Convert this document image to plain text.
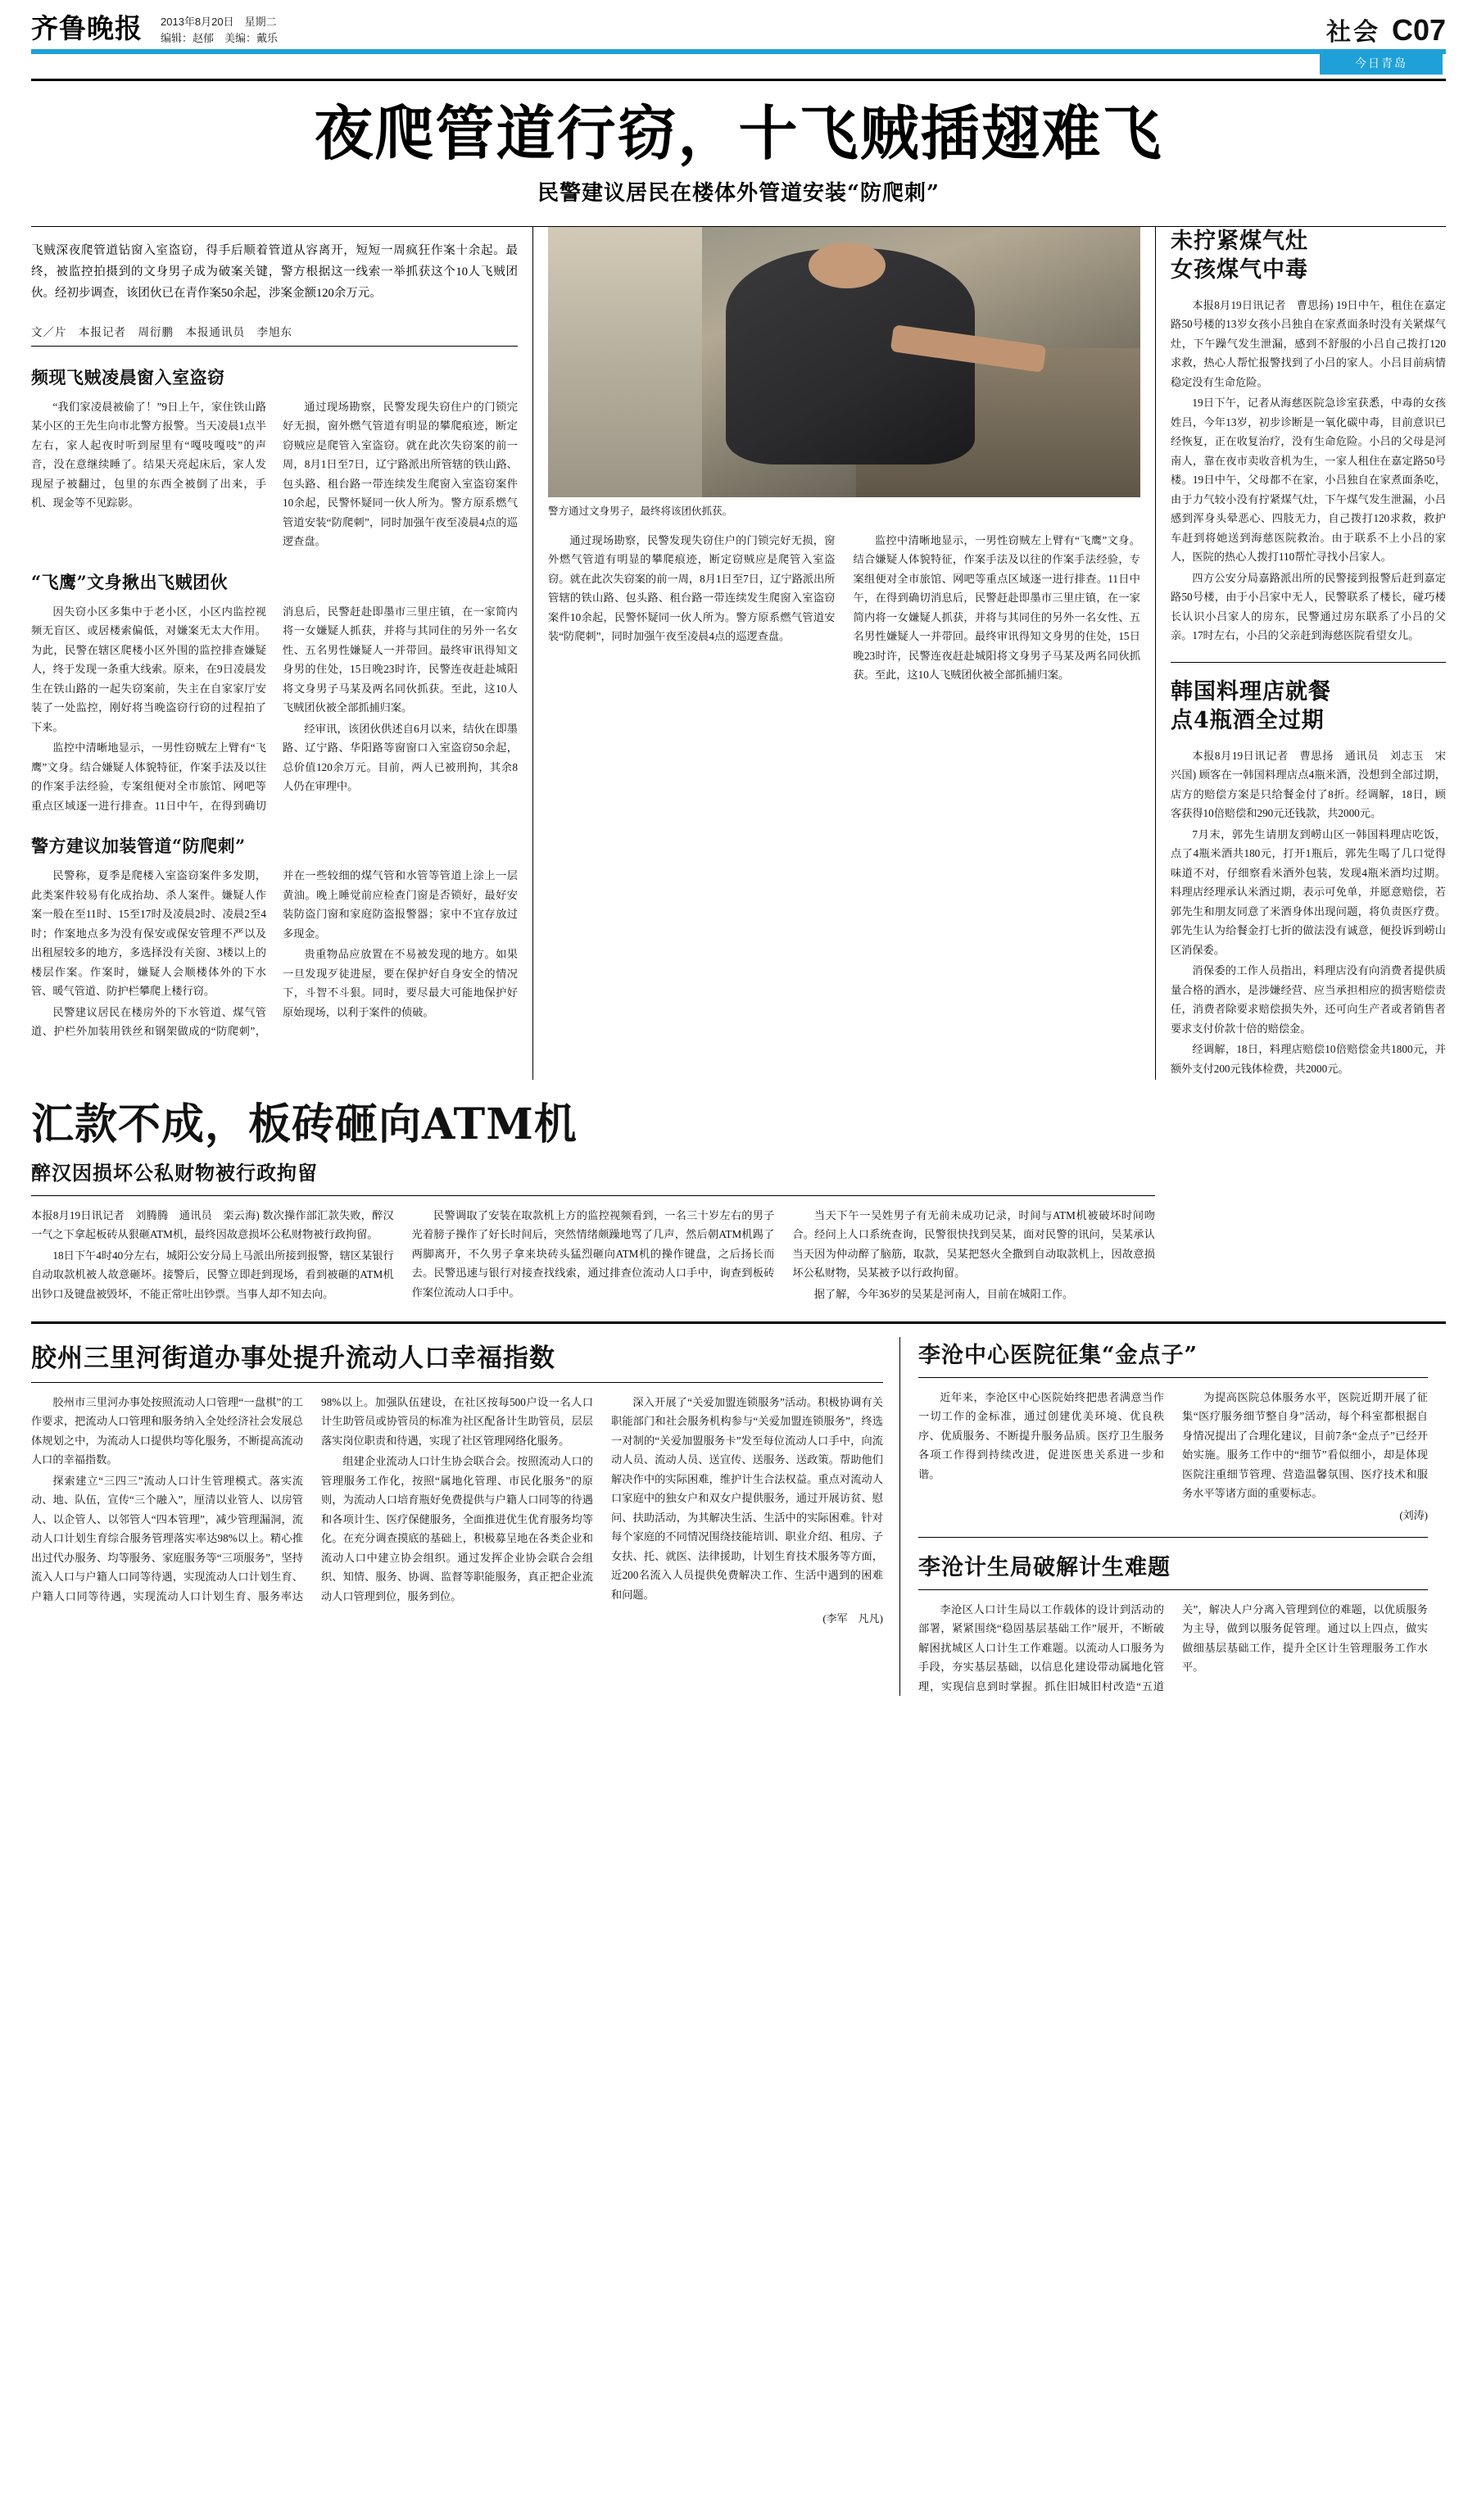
齐鲁晚报 2013年8月20日　星期二
编辑：赵郁　美编：戴乐	社会 C07
今日青岛
夜爬管道行窃，十飞贼插翅难飞
民警建议居民在楼体外管道安装“防爬刺”
飞贼深夜爬管道钻窗入室盗窃，得手后顺着管道从容离开，短短一周疯狂作案十余起。最终，被监控拍摄到的文身男子成为破案关键，警方根据这一线索一举抓获这个10人飞贼团伙。经初步调查，该团伙已在青作案50余起，涉案金额120余万元。
文／片　本报记者　周衍鹏　本报通讯员　李旭东
频现飞贼凌晨窗入室盗窃

“我们家凌晨被偷了！”9日上午，家住铁山路某小区的王先生向市北警方报警。当天凌晨1点半左右，家人起夜时听到屋里有“嘎吱嘎吱”的声音，没在意继续睡了。结果天亮起床后，家人发现屋子被翻过，包里的东西全被倒了出来，手机、现金等不见踪影。

通过现场勘察，民警发现失窃住户的门锁完好无损，窗外燃气管道有明显的攀爬痕迹，断定窃贼应是爬管入室盗窃。就在此次失窃案的前一周，8月1日至7日，辽宁路派出所管辖的铁山路、包头路、租台路一带连续发生爬窗入室盗窃案件10余起，民警怀疑同一伙人所为。警方原系燃气管道安装“防爬刺”，同时加强午夜至凌晨4点的巡逻查盘。

“飞鹰”文身揪出飞贼团伙

因失窃小区多集中于老小区，小区内监控视频无盲区、或居楼索偏低，对嫌案无太大作用。为此，民警在辖区爬楼小区外围的监控排查嫌疑人，终于发现一条重大线索。原来，在9日凌晨发生在铁山路的一起失窃案前，失主在自家家厅安装了一处监控，刚好将当晚盗窃行窃的过程拍了下来。

监控中清晰地显示，一男性窃贼左上臂有“飞鹰”文身。结合嫌疑人体貌特征，作案手法及以往的作案手法经验，专案组便对全市旅馆、网吧等重点区域逐一进行排查。11日中午，在得到确切消息后，民警赶赴即墨市三里庄镇，在一家简内将一女嫌疑人抓获，并将与其同住的另外一名女性、五名男性嫌疑人一并带回。最终审讯得知文身男的住处，15日晚23时许，民警连夜赶赴城阳将文身男子马某及两名同伙抓获。至此，这10人飞贼团伙被全部抓捕归案。

经审讯，该团伙供述自6月以来，结伙在即墨路、辽宁路、华阳路等窗窗口入室盗窃50余起，总价值120余万元。目前，两人已被刑拘，其余8人仍在审理中。

警方建议加装管道“防爬刺”

民警称，夏季是爬楼入室盗窃案件多发期，此类案件较易有化成抬劫、杀人案件。嫌疑人作案一般在至11时、15至17时及凌晨2时、凌晨2至4时；作案地点多为没有保安或保安管理不严以及出租屋较多的地方，多选择没有关窗、3楼以上的楼层作案。作案时，嫌疑人会顺楼体外的下水管、暖气管道、防护栏攀爬上楼行窃。

民警建议居民在楼房外的下水管道、煤气管道、护栏外加装用铁丝和钢架做成的“防爬刺”，并在一些较细的煤气管和水管等管道上涂上一层黄油。晚上睡觉前应检查门窗是否锁好，最好安装防盗门窗和家庭防盗报警器；家中不宜存放过多现金。

贵重物品应放置在不易被发现的地方。如果一旦发现歹徒进屋，要在保护好自身安全的情况下，斗智不斗狠。同时，要尽最大可能地保护好原始现场，以利于案件的侦破。

警方通过文身男子，最终将该团伙抓获。

通过现场勘察，民警发现失窃住户的门锁完好无损，窗外燃气管道有明显的攀爬痕迹，断定窃贼应是爬管入室盗窃。就在此次失窃案的前一周，8月1日至7日，辽宁路派出所管辖的铁山路、包头路、租台路一带连续发生爬窗入室盗窃案件10余起，民警怀疑同一伙人所为。警方原系燃气管道安装“防爬刺”，同时加强午夜至凌晨4点的巡逻查盘。

监控中清晰地显示，一男性窃贼左上臂有“飞鹰”文身。结合嫌疑人体貌特征，作案手法及以往的作案手法经验，专案组便对全市旅馆、网吧等重点区域逐一进行排查。11日中午，在得到确切消息后，民警赶赴即墨市三里庄镇，在一家简内将一女嫌疑人抓获，并将与其同住的另外一名女性、五名男性嫌疑人一并带回。最终审讯得知文身男的住处，15日晚23时许，民警连夜赶赴城阳将文身男子马某及两名同伙抓获。至此，这10人飞贼团伙被全部抓捕归案。

未拧紧煤气灶
女孩煤气中毒

本报8月19日讯记者　曹思扬) 19日中午，租住在嘉定路50号楼的13岁女孩小吕独自在家煮面条时没有关紧煤气灶，下午躁气发生泄漏，感到不舒服的小吕自己拨打120求救，热心人帮忙报警找到了小吕的家人。小吕目前病情稳定没有生命危险。

19日下午，记者从海慈医院急诊室获悉，中毒的女孩姓吕，今年13岁，初步诊断是一氧化碳中毒，目前意识已经恢复，正在收复治疗，没有生命危险。小吕的父母是河南人，靠在夜市卖收音机为生，一家人租住在嘉定路50号楼。19日中午，父母都不在家，小吕独自在家煮面条吃，由于力气较小没有拧紧煤气灶，下午煤气发生泄漏，小吕感到浑身头晕恶心、四肢无力，自己拨打120求救，救护车赶到将她送到海慈医院救治。由于联系不上小吕的家人，医院的热心人拨打110帮忙寻找小吕家人。

四方公安分局嘉路派出所的民警接到报警后赶到嘉定路50号楼，由于小吕家中无人，民警联系了楼长，碰巧楼长认识小吕家人的房东，民警通过房东联系了小吕的父亲。17时左右，小吕的父亲赶到海慈医院看望女儿。

韩国料理店就餐
点4瓶酒全过期

本报8月19日讯记者　曹思扬　通讯员　刘志玉　宋兴国) 顾客在一韩国料理店点4瓶米酒，没想到全部过期，店方的赔偿方案是只给餐金付了8折。经调解，18日，顾客获得10倍赔偿和290元还钱款，共2000元。

7月末，郭先生请朋友到崂山区一韩国料理店吃饭，点了4瓶米酒共180元，打开1瓶后，郭先生喝了几口觉得味道不对，仔细察看米酒外包装，发现4瓶米酒均过期。料理店经理承认米酒过期，表示可免单，并愿意赔偿，若郭先生和朋友同意了米酒身体出现问题，将负责医疗费。郭先生认为给餐金打七折的做法没有诚意，便投诉到崂山区消保委。

消保委的工作人员指出，料理店没有向消费者提供质量合格的酒水，是涉嫌经营、应当承担相应的损害赔偿责任，消费者除要求赔偿损失外，还可向生产者或者销售者要求支付价款十倍的赔偿金。

经调解，18日，料理店赔偿10倍赔偿金共1800元，并额外支付200元钱体检费，共2000元。

汇款不成，板砖砸向ATM机
醉汉因损坏公私财物被行政拘留

本报8月19日讯记者　刘腾腾　通讯员　栾云海) 数次操作部汇款失败，醉汉一气之下拿起板砖从狠砸ATM机，最终因故意损坏公私财物被行政拘留。

18日下午4时40分左右，城阳公安分局上马派出所接到报警，辖区某银行自动取款机被人故意砸坏。接警后，民警立即赶到现场，看到被砸的ATM机出钞口及键盘被毁坏，不能正常吐出钞票。当事人却不知去向。

民警调取了安装在取款机上方的监控视频看到，一名三十岁左右的男子光着膀子操作了好长时间后，突然情绪颇躁地骂了几声，然后朝ATM机踢了两脚离开，不久男子拿来块砖头猛烈砸向ATM机的操作键盘，之后扬长而去。民警迅速与银行对接查找线索，通过排查位流动人口手中，询查到板砖作案位流动人口手中。

当天下午一吴姓男子有无前未成功记录，时间与ATM机被破坏时间吻合。经问上人口系统查询，民警很快找到吴某，面对民警的讯问，吴某承认当天因为仲动醉了脑筋，取款，吴某把怒火全撒到自动取款机上，因故意损坏公私财物，吴某被予以行政拘留。

据了解，今年36岁的吴某是河南人，目前在城阳工作。

胶州三里河街道办事处提升流动人口幸福指数

胶州市三里河办事处按照流动人口管理“一盘棋”的工作要求，把流动人口管理和服务纳入全处经济社会发展总体规划之中，为流动人口提供均等化服务，不断提高流动人口的幸福指数。

探索建立“三四三”流动人口计生管理模式。落实流动、地、队伍，宣传“三个融入”，厘清以业管人、以房管人、以企管人、以邻管人“四本管理”，减少管理漏洞，流动人口计划生育综合服务管理落实率达98%以上。精心推出过代办服务、均等服务、家庭服务等“三项服务”，坚持流入人口与户籍人口同等待遇，实现流动人口计划生育、户籍人口同等待遇，实现流动人口计划生育、服务率达98%以上。加强队伍建设，在社区按每500户设一名人口计生助管员或协管员的标准为社区配备计生助管员，层层落实岗位职责和待遇，实现了社区管理网络化服务。

组建企业流动人口计生协会联合会。按照流动人口的管理服务工作化，按照“属地化管理、市民化服务”的原则，为流动人口培育瓶好免费提供与户籍人口同等的待遇和各项计生、医疗保健服务，全面推进优生优育服务均等化。在充分调查摸底的基础上，积极募呈地在各类企业和流动人口中建立协会组织。通过发挥企业协会联合会组织、知情、服务、协调、监督等职能服务，真正把企业流动人口管理到位，服务到位。

深入开展了“关爱加盟连锁服务”活动。积极协调有关职能部门和社会服务机构参与“关爱加盟连锁服务”，终选一对制的“关爱加盟服务卡”发至每位流动人口手中，向流动人员、流动人员、送宣传、送服务、送政策。帮助他们解决作中的实际困难，维护计生合法权益。重点对流动人口家庭中的独女户和双女户提供服务，通过开展访贫、慰问、扶助活动，为其解决生活、生活中的实际困难。针对每个家庭的不同情况围绕技能培训、职业介绍、租房、子女扶、托、就医、法律援助，计划生育技术服务等方面，近200名流入人员提供免费解决工作、生活中遇到的困难和问题。

(李军　凡凡)
李沧中心医院征集“金点子”

近年来，李沧区中心医院始终把患者满意当作一切工作的金标准，通过创建优美环境、优良秩序、优质服务、不断提升服务品质。医疗卫生服务各项工作得到持续改进，促进医患关系进一步和谐。

为提高医院总体服务水平，医院近期开展了征集“医疗服务细节整自身”活动，每个科室都根据自身情况提出了合理化建议，目前7条“金点子”已经开始实施。服务工作中的“细节”看似细小，却是体现医院注重细节管理、营造温馨氛围、医疗技术和服务水平等诸方面的重要标志。

(刘涛)
李沧计生局破解计生难题

李沧区人口计生局以工作载体的设计到活动的部署，紧紧围绕“稳固基层基础工作”展开，不断破解困扰城区人口计生工作难题。以流动人口服务为手段，夯实基层基础，以信息化建设带动属地化管理，实现信息到时掌握。抓住旧城旧村改造“五道关”，解决人户分离入管理到位的难题，以优质服务为主导，做到以服务促管理。通过以上四点，做实做细基层基础工作，提升全区计生管理服务工作水平。
